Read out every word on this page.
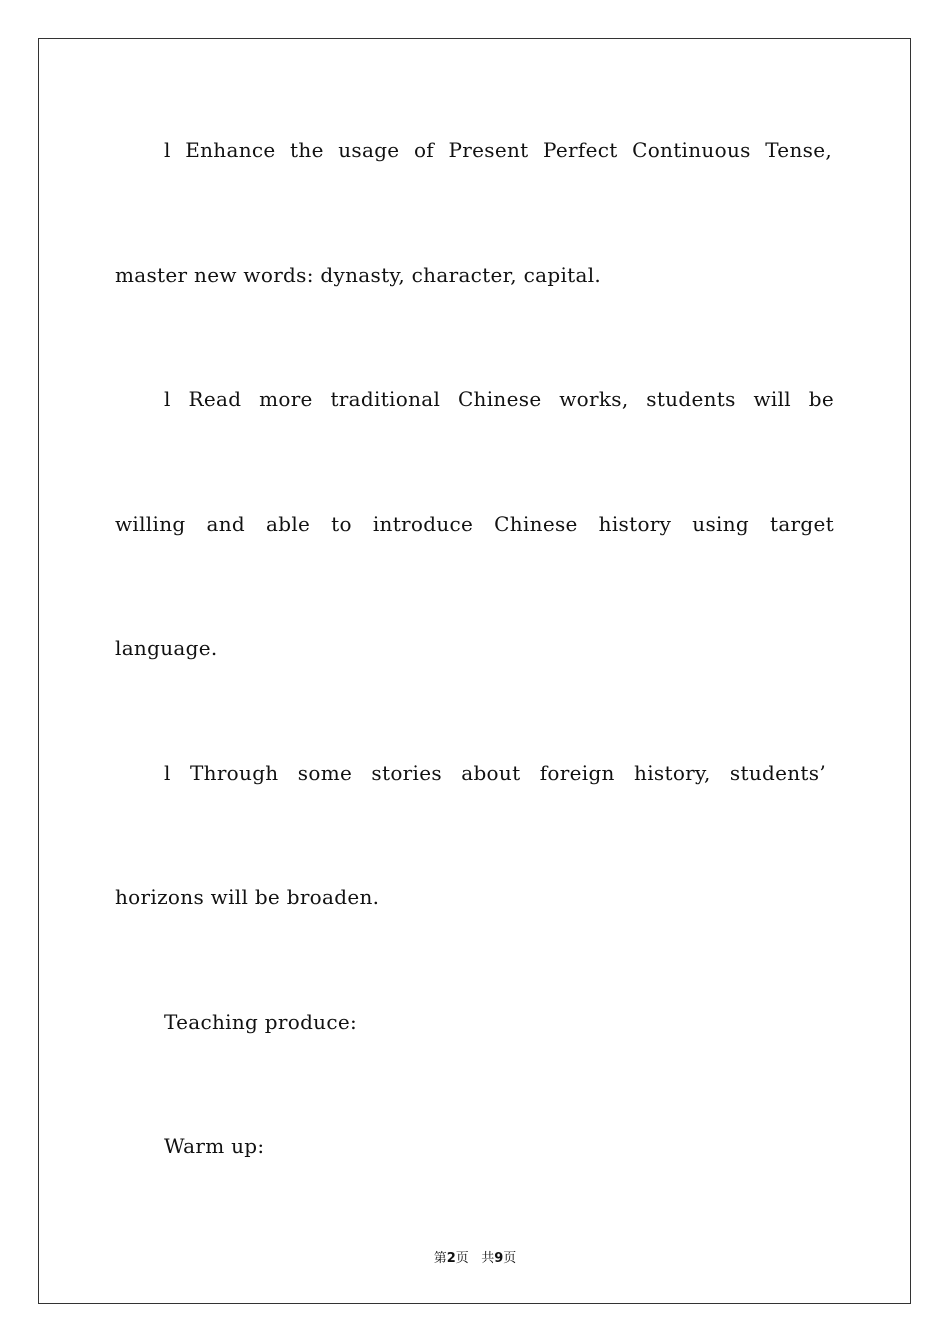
l Enhance the usage of Present Perfect Continuous Tense,
master new words: dynasty, character, capital.
l Read more traditional Chinese works, students will be
willing and able to introduce Chinese history using target
language.
l Through some stories about foreign history, students’
horizons will be broaden.
Teaching produce:
Warm up:
第2页 共9页
